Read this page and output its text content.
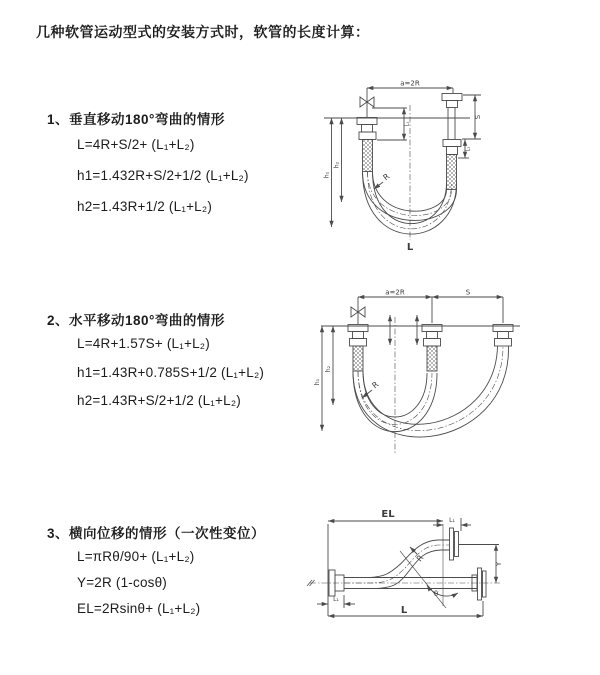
几种软管运动型式的安装方式时，软管的长度计算：
1、垂直移动180°弯曲的情形
L=4R+S/2+ (L₁+L₂)
h1=1.432R+S/2+1/2 (L₁+L₂)
h2=1.43R+1/2 (L₁+L₂)
2、水平移动180°弯曲的情形
L=4R+1.57S+ (L₁+L₂)
h1=1.43R+0.785S+1/2 (L₁+L₂)
h2=1.43R+S/2+1/2 (L₁+L₂)
3、横向位移的情形（一次性变位）
L=πRθ/90+ (L₁+L₂)
Y=2R (1-cosθ)
EL=2Rsinθ+ (L₁+L₂)
a=2R
S
L₁
L₁
h₁
h₂
R
L
a=2R	S
h₁
h₂
R
EL
L₁
Y
L
L₁
θ
R
